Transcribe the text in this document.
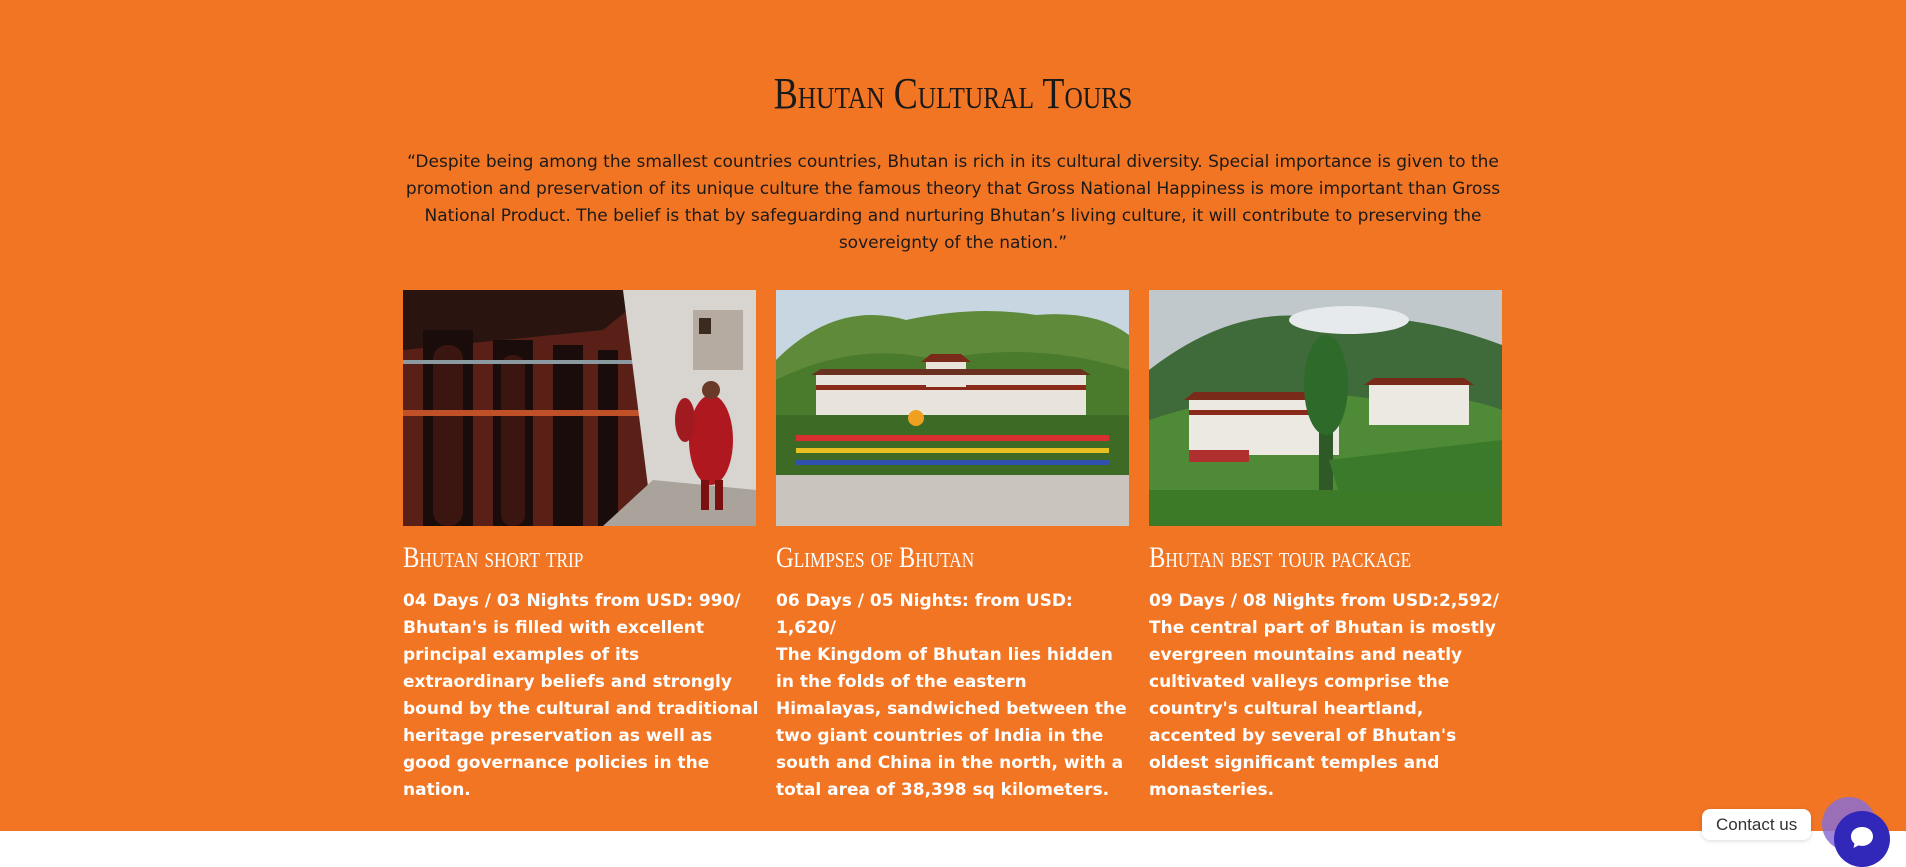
Bhutan Cultural Tours

“Despite being among the smallest countries countries, Bhutan is rich in its cultural diversity. Special importance is given to the promotion and preservation of its unique culture the famous theory that Gross National Happiness is more important than Gross National Product. The belief is that by safeguarding and nurturing Bhutan’s living culture, it will contribute to preserving the sovereignty of the nation.”

Bhutan short trip
04 Days / 03 Nights from USD: 990/
Bhutan's is filled with excellent principal examples of its extraordinary beliefs and strongly bound by the cultural and traditional heritage preservation as well as good governance policies in the nation.
Glimpses of Bhutan
06 Days / 05 Nights: from USD: 1,620/
The Kingdom of Bhutan lies hidden in the folds of the eastern Himalayas, sandwiched between the two giant countries of India in the south and China in the north, with a total area of 38,398 sq kilometers.
Bhutan best tour package
09 Days / 08 Nights from USD:2,592/
The central part of Bhutan is mostly evergreen mountains and neatly cultivated valleys comprise the country's cultural heartland, accented by several of Bhutan's oldest significant temples and monasteries.
Contact us
